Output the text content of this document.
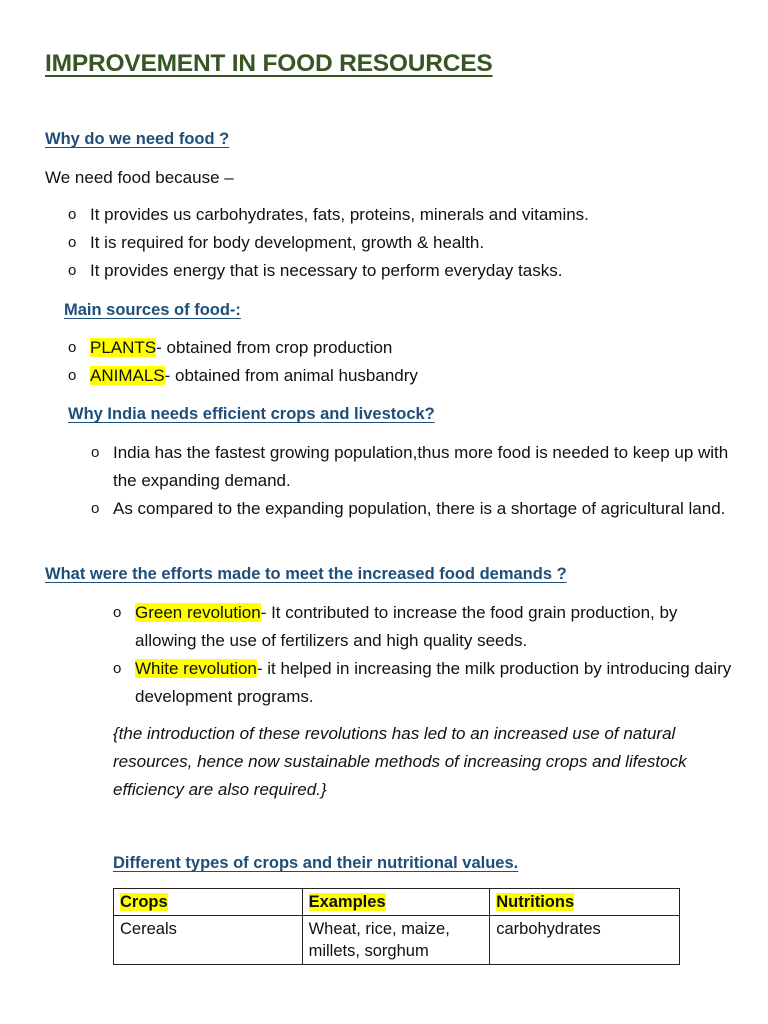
IMPROVEMENT IN FOOD RESOURCES
Why do we need food ?

We need food because –

o It provides us carbohydrates, fats, proteins, minerals and vitamins.
o It is required for body development, growth & health.
o It provides energy that is necessary to perform everyday tasks.
Main sources of food-:
o PLANTS- obtained from crop production
o ANIMALS- obtained from animal husbandry
Why India needs efficient crops and livestock?
o India has the fastest growing population,thus more food is needed to keep up with the expanding demand.
o As compared to the expanding population, there is a shortage of agricultural land.
What were the efforts made to meet the increased food demands ?
o Green revolution- It contributed to increase the food grain production, by allowing the use of fertilizers and high quality seeds.
o White revolution- it helped in increasing the milk production by introducing dairy development programs.

{the introduction of these revolutions has led to an increased use of natural resources, hence now sustainable methods of increasing crops and lifestock efficiency are also required.}

Different types of crops and their nutritional values.
Crops	Examples	Nutritions
Cereals	Wheat, rice, maize, millets, sorghum	carbohydrates
